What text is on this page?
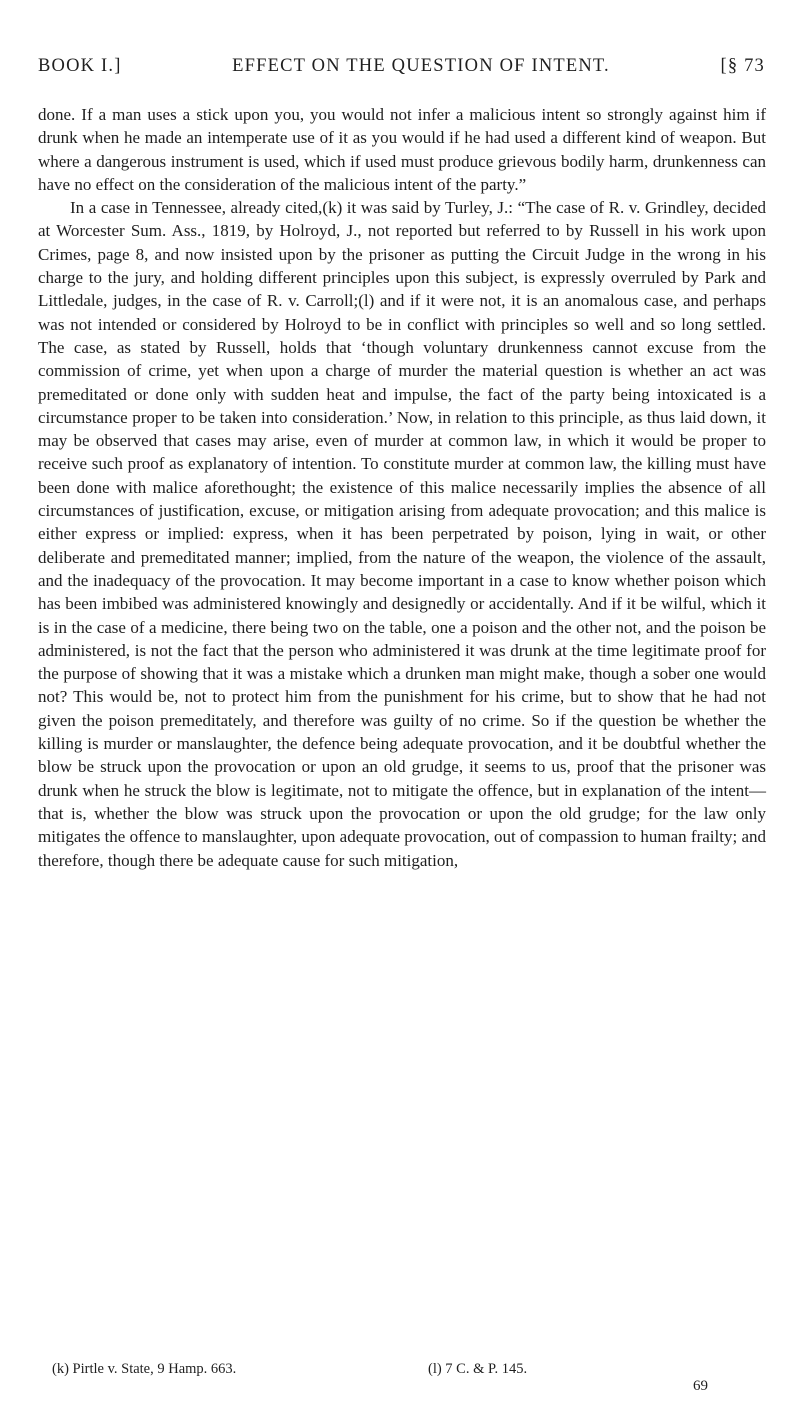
BOOK I.]	EFFECT ON THE QUESTION OF INTENT.	[§ 73

done. If a man uses a stick upon you, you would not infer a malicious intent so strongly against him if drunk when he made an intemperate use of it as you would if he had used a different kind of weapon. But where a dangerous instrument is used, which if used must produce grievous bodily harm, drunkenness can have no effect on the consideration of the malicious intent of the party.”

In a case in Tennessee, already cited,(k) it was said by Turley, J.: “The case of R. v. Grindley, decided at Worcester Sum. Ass., 1819, by Holroyd, J., not reported but referred to by Russell in his work upon Crimes, page 8, and now insisted upon by the prisoner as putting the Circuit Judge in the wrong in his charge to the jury, and holding different principles upon this subject, is expressly overruled by Park and Littledale, judges, in the case of R. v. Carroll;(l) and if it were not, it is an anomalous case, and perhaps was not intended or considered by Holroyd to be in conflict with principles so well and so long settled. The case, as stated by Russell, holds that ‘though voluntary drunkenness cannot excuse from the commission of crime, yet when upon a charge of murder the material question is whether an act was premeditated or done only with sudden heat and impulse, the fact of the party being intoxicated is a circumstance proper to be taken into consideration.’ Now, in relation to this principle, as thus laid down, it may be observed that cases may arise, even of murder at common law, in which it would be proper to receive such proof as explanatory of intention. To constitute murder at common law, the killing must have been done with malice aforethought; the existence of this malice necessarily implies the absence of all circumstances of justification, excuse, or mitigation arising from adequate provocation; and this malice is either express or implied: express, when it has been perpetrated by poison, lying in wait, or other deliberate and premeditated manner; implied, from the nature of the weapon, the violence of the assault, and the inadequacy of the provocation. It may become important in a case to know whether poison which has been imbibed was administered knowingly and designedly or accidentally. And if it be wilful, which it is in the case of a medicine, there being two on the table, one a poison and the other not, and the poison be administered, is not the fact that the person who administered it was drunk at the time legitimate proof for the purpose of showing that it was a mistake which a drunken man might make, though a sober one would not? This would be, not to protect him from the punishment for his crime, but to show that he had not given the poison premeditately, and therefore was guilty of no crime. So if the question be whether the killing is murder or manslaughter, the defence being adequate provocation, and it be doubtful whether the blow be struck upon the provocation or upon an old grudge, it seems to us, proof that the prisoner was drunk when he struck the blow is legitimate, not to mitigate the offence, but in explanation of the intent—that is, whether the blow was struck upon the provocation or upon the old grudge; for the law only mitigates the offence to manslaughter, upon adequate provocation, out of compassion to human frailty; and therefore, though there be adequate cause for such mitigation,

(k) Pirtle v. State, 9 Hamp. 663.	(l) 7 C. & P. 145.
69
